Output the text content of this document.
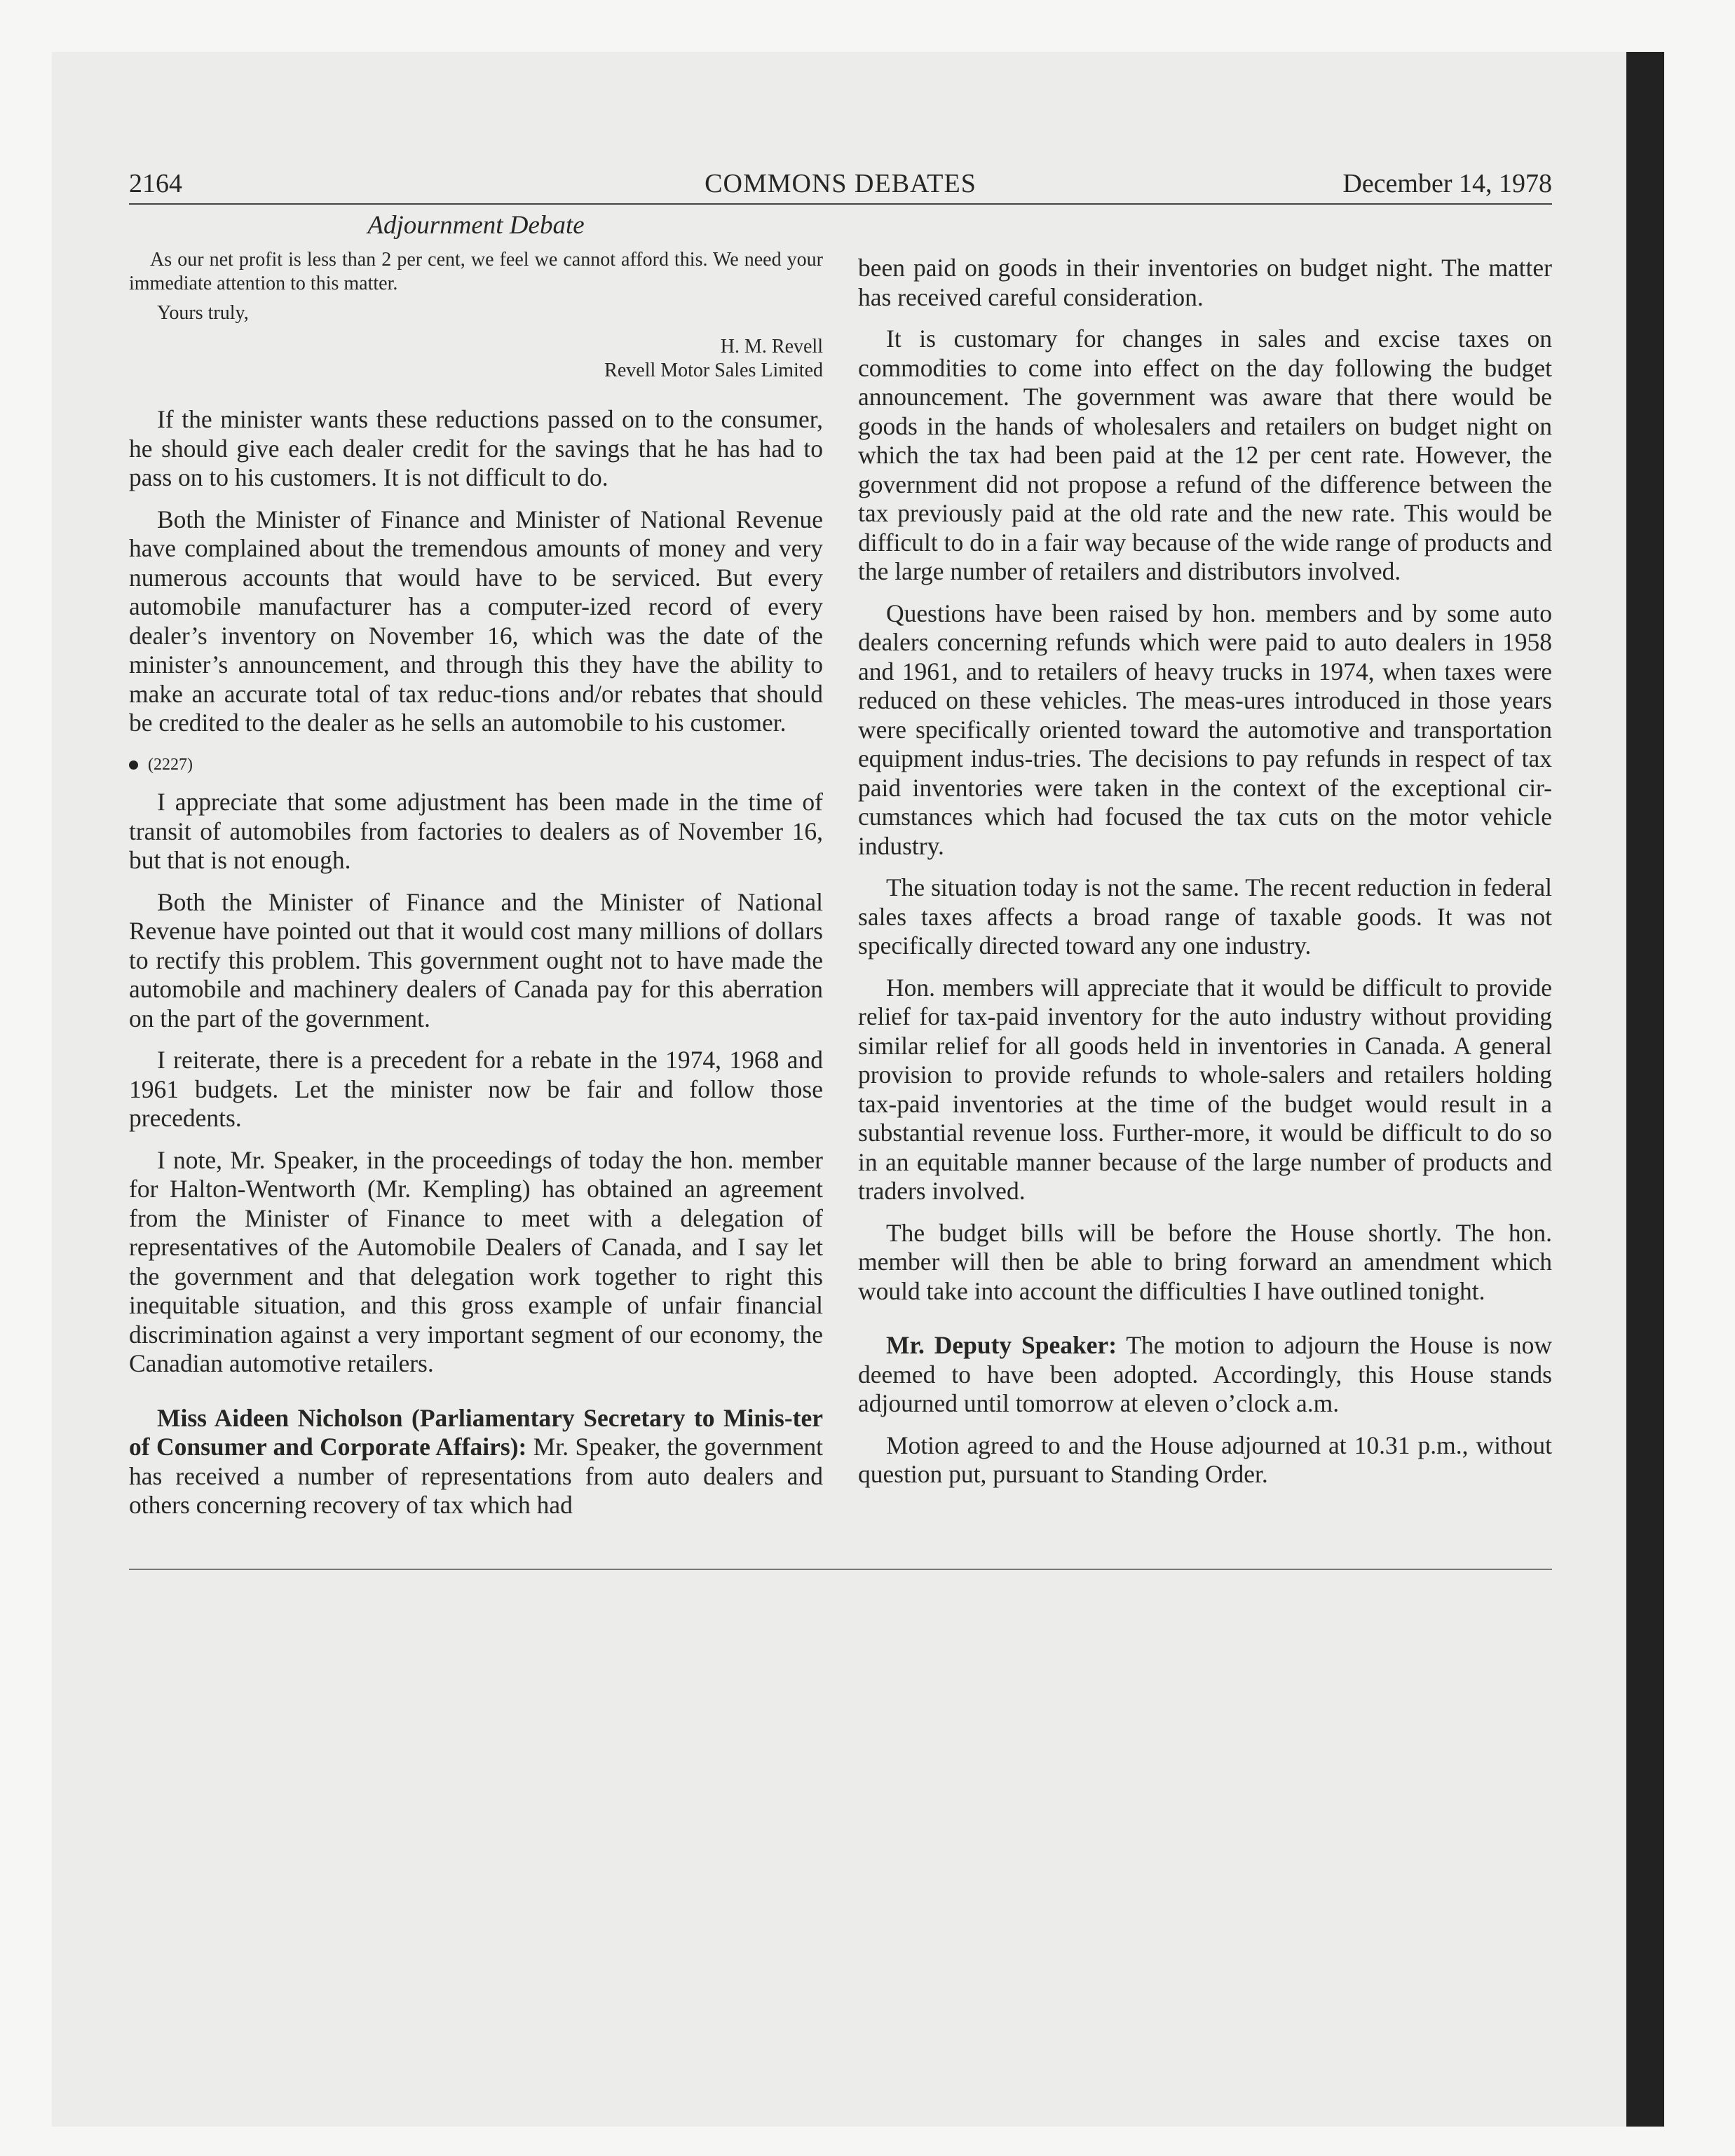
2164	COMMONS DEBATES	December 14, 1978
Adjournment Debate

As our net profit is less than 2 per cent, we feel we cannot afford this. We need your immediate attention to this matter.

Yours truly,
H. M. Revell
Revell Motor Sales Limited

If the minister wants these reductions passed on to the consumer, he should give each dealer credit for the savings that he has had to pass on to his customers. It is not difficult to do.

Both the Minister of Finance and Minister of National Revenue have complained about the tremendous amounts of money and very numerous accounts that would have to be serviced. But every automobile manufacturer has a computer-ized record of every dealer’s inventory on November 16, which was the date of the minister’s announcement, and through this they have the ability to make an accurate total of tax reduc-tions and/or rebates that should be credited to the dealer as he sells an automobile to his customer.

(2227)

I appreciate that some adjustment has been made in the time of transit of automobiles from factories to dealers as of November 16, but that is not enough.

Both the Minister of Finance and the Minister of National Revenue have pointed out that it would cost many millions of dollars to rectify this problem. This government ought not to have made the automobile and machinery dealers of Canada pay for this aberration on the part of the government.

I reiterate, there is a precedent for a rebate in the 1974, 1968 and 1961 budgets. Let the minister now be fair and follow those precedents.

I note, Mr. Speaker, in the proceedings of today the hon. member for Halton-Wentworth (Mr. Kempling) has obtained an agreement from the Minister of Finance to meet with a delegation of representatives of the Automobile Dealers of Canada, and I say let the government and that delegation work together to right this inequitable situation, and this gross example of unfair financial discrimination against a very important segment of our economy, the Canadian automotive retailers.

Miss Aideen Nicholson (Parliamentary Secretary to Minis-ter of Consumer and Corporate Affairs): Mr. Speaker, the government has received a number of representations from auto dealers and others concerning recovery of tax which had

been paid on goods in their inventories on budget night. The matter has received careful consideration.

It is customary for changes in sales and excise taxes on commodities to come into effect on the day following the budget announcement. The government was aware that there would be goods in the hands of wholesalers and retailers on budget night on which the tax had been paid at the 12 per cent rate. However, the government did not propose a refund of the difference between the tax previously paid at the old rate and the new rate. This would be difficult to do in a fair way because of the wide range of products and the large number of retailers and distributors involved.

Questions have been raised by hon. members and by some auto dealers concerning refunds which were paid to auto dealers in 1958 and 1961, and to retailers of heavy trucks in 1974, when taxes were reduced on these vehicles. The meas-ures introduced in those years were specifically oriented toward the automotive and transportation equipment indus-tries. The decisions to pay refunds in respect of tax paid inventories were taken in the context of the exceptional cir-cumstances which had focused the tax cuts on the motor vehicle industry.

The situation today is not the same. The recent reduction in federal sales taxes affects a broad range of taxable goods. It was not specifically directed toward any one industry.

Hon. members will appreciate that it would be difficult to provide relief for tax-paid inventory for the auto industry without providing similar relief for all goods held in inventories in Canada. A general provision to provide refunds to whole-salers and retailers holding tax-paid inventories at the time of the budget would result in a substantial revenue loss. Further-more, it would be difficult to do so in an equitable manner because of the large number of products and traders involved.

The budget bills will be before the House shortly. The hon. member will then be able to bring forward an amendment which would take into account the difficulties I have outlined tonight.

Mr. Deputy Speaker: The motion to adjourn the House is now deemed to have been adopted. Accordingly, this House stands adjourned until tomorrow at eleven o’clock a.m.

Motion agreed to and the House adjourned at 10.31 p.m., without question put, pursuant to Standing Order.
